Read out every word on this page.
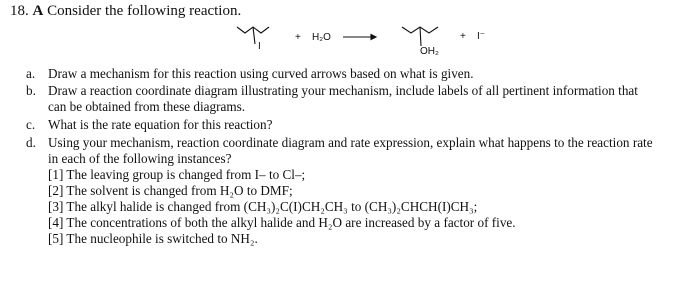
18. A Consider the following reaction.
I
+ H₂O
OH₂
+ I⁻
a. Draw a mechanism for this reaction using curved arrows based on what is given.
b. Draw a reaction coordinate diagram illustrating your mechanism, include labels of all pertinent information that
can be obtained from these diagrams.
c. What is the rate equation for this reaction?
d. Using your mechanism, reaction coordinate diagram and rate expression, explain what happens to the reaction rate
in each of the following instances?
[1] The leaving group is changed from I– to Cl–;
[2] The solvent is changed from H₂O to DMF;
[3] The alkyl halide is changed from (CH₃)₂C(I)CH₂CH₃ to (CH₃)₂CHCH(I)CH₃;
[4] The concentrations of both the alkyl halide and H₂O are increased by a factor of five.
[5] The nucleophile is switched to NH₂.
